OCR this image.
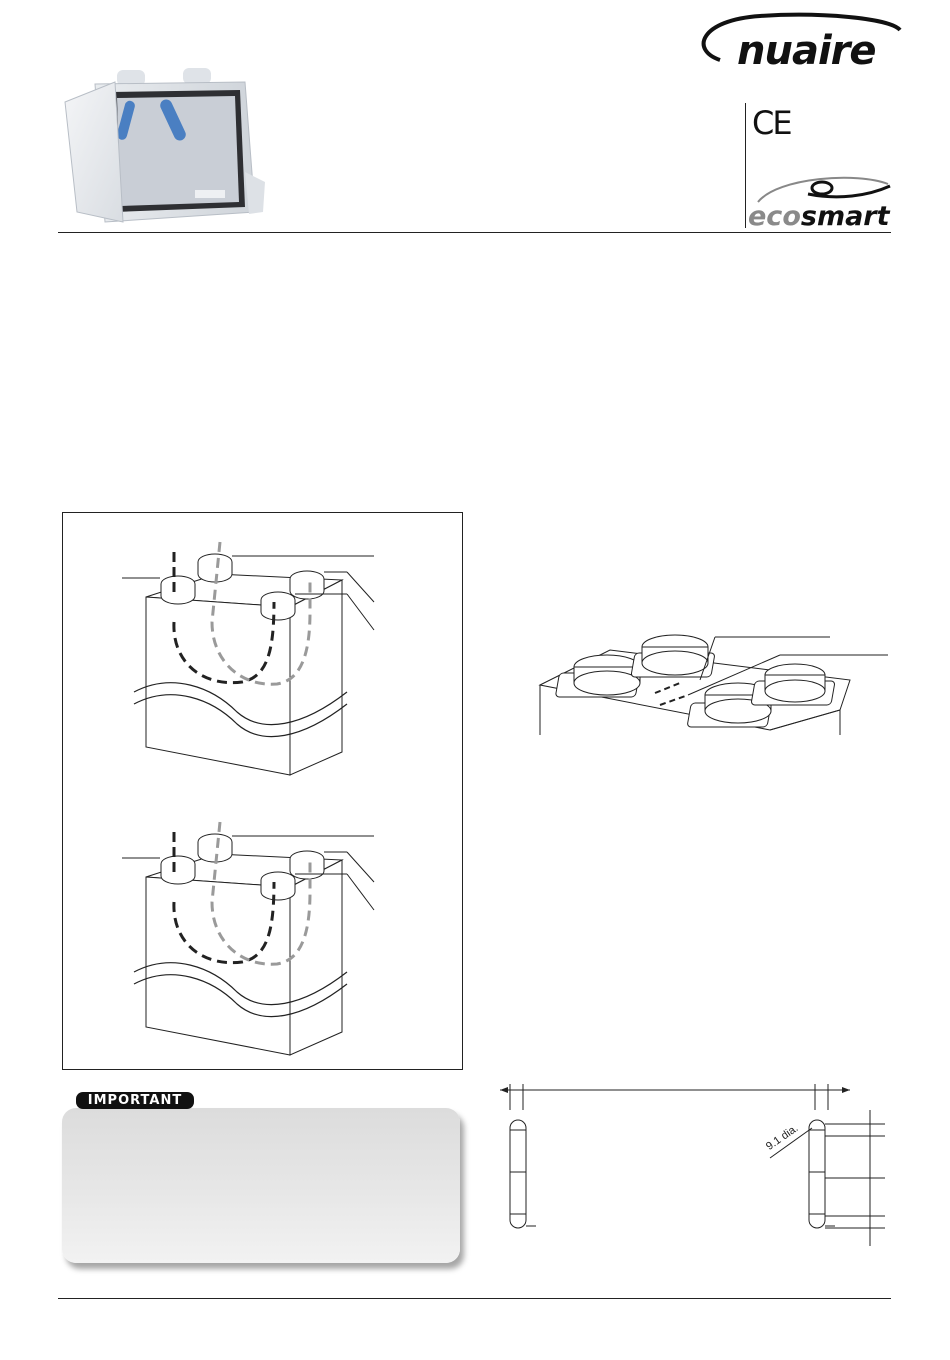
nuaire
CE
ecosmart
IMPORTANT
9.1 dia.
